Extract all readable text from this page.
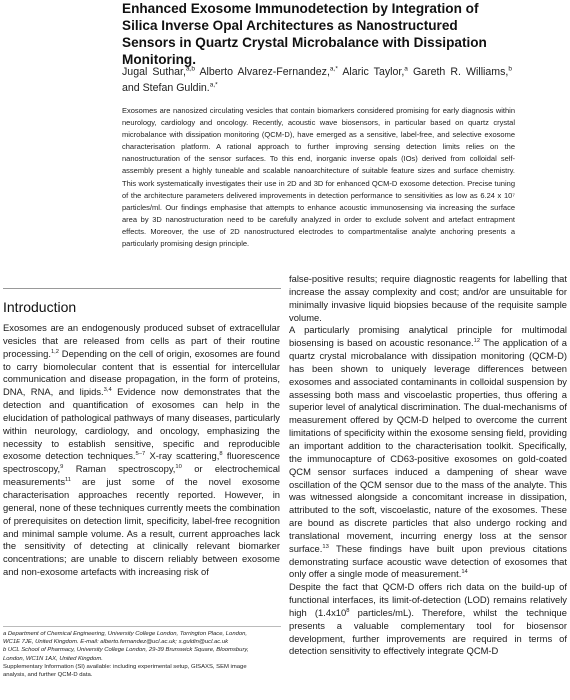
Enhanced Exosome Immunodetection by Integration of Silica Inverse Opal Architectures as Nanostructured Sensors in Quartz Crystal Microbalance with Dissipation Monitoring.
Jugal Suthar,$^{a,b}$ Alberto Alvarez-Fernandez,$^{a,*}$ Alaric Taylor,$^a$ Gareth R. Williams,$^b$ and Stefan Guldin.$^{a,*}$
Exosomes are nanosized circulating vesicles that contain biomarkers considered promising for early diagnosis within neurology, cardiology and oncology. Recently, acoustic wave biosensors, in particular based on quartz crystal microbalance with dissipation monitoring (QCM-D), have emerged as a sensitive, label-free, and selective exosome characterisation platform. A rational approach to further improving sensing detection limits relies on the nanostructuration of the sensor surfaces. To this end, inorganic inverse opals (IOs) derived from colloidal self-assembly present a highly tuneable and scalable nanoarchitecture of suitable feature sizes and surface chemistry. This work systematically investigates their use in 2D and 3D for enhanced QCM-D exosome detection. Precise tuning of the architecture parameters delivered improvements in detection performance to sensitivities as low as 6.24 x 10⁷ particles/ml. Our findings emphasise that attempts to enhance acoustic immunosensing via increasing the surface area by 3D nanostructuration need to be carefully analyzed in order to exclude solvent and artefact entrapment effects. Moreover, the use of 2D nanostructured electrodes to compartmentalise analyte anchoring presents a particularly promising design principle.
Introduction

Exosomes are an endogenously produced subset of extracellular vesicles that are released from cells as part of their routine processing.$^{1,2}$ Depending on the cell of origin, exosomes are found to carry biomolecular content that is essential for intercellular communication and disease propagation, in the form of proteins, DNA, RNA, and lipids.$^{3,4}$ Evidence now demonstrates that the detection and quantification of exosomes can help in the elucidation of pathological pathways of many diseases, particularly within neurology, cardiology, and oncology, emphasizing the necessity to establish sensitive, specific and reproducible exosome detection techniques.$^{5-7}$ X-ray scattering,$^8$ fluorescence spectroscopy,$^9$ Raman spectroscopy,$^{10}$ or electrochemical measurements$^{11}$ are just some of the novel exosome characterisation approaches recently reported. However, in general, none of these techniques currently meets the combination of prerequisites on detection limit, specificity, label-free recognition and minimal sample volume. As a result, current approaches lack the sensitivity of detecting at clinically relevant biomarker concentrations; are unable to discern reliably between exosome and non-exosome artefacts with increasing risk of

false-positive results; require diagnostic reagents for labelling that increase the assay complexity and cost; and/or are unsuitable for minimally invasive liquid biopsies because of the requisite sample volume.

A particularly promising analytical principle for multimodal biosensing is based on acoustic resonance.$^{12}$ The application of a quartz crystal microbalance with dissipation monitoring (QCM-D) has been shown to uniquely leverage differences between exosomes and associated contaminants in colloidal suspension by assessing both mass and viscoelastic properties, thus offering a superior level of analytical discrimination. The dual-mechanisms of measurement offered by QCM-D helped to overcome the current limitations of specificity within the exosome sensing field, providing an important addition to the characterisation toolkit. Specifically, the immunocapture of CD63-positive exosomes on gold-coated QCM sensor surfaces induced a dampening of shear wave oscillation of the QCM sensor due to the mass of the analyte. This was witnessed alongside a concomitant increase in dissipation, attributed to the soft, viscoelastic, nature of the exosomes. These are bound as discrete particles that also undergo rocking and translational movement, incurring energy loss at the sensor surface.$^{13}$ These findings have built upon previous citations demonstrating surface acoustic wave detection of exosomes that only offer a single mode of measurement.$^{14}$

Despite the fact that QCM-D offers rich data on the build-up of functional interfaces, its limit-of-detection (LOD) remains relatively high (1.4x10$^8$ particles/mL). Therefore, whilst the technique presents a valuable complementary tool for biosensor development, further improvements are required in terms of detection sensitivity to effectively integrate QCM-D

a Department of Chemical Engineering, University College London, Torrington Place, London, WC1E 7JE, United Kingdom. E-mail: alberto.fernandez@ucl.ac.uk; s.guldin@ucl.ac.uk

b UCL School of Pharmacy, University College London, 29-39 Brunswick Square, Bloomsbury, London, WC1N 1AX, United Kingdom.

Supplementary Information (SI) available: including experimental setup, GISAXS, SEM image analysis, and further QCM-D data.
